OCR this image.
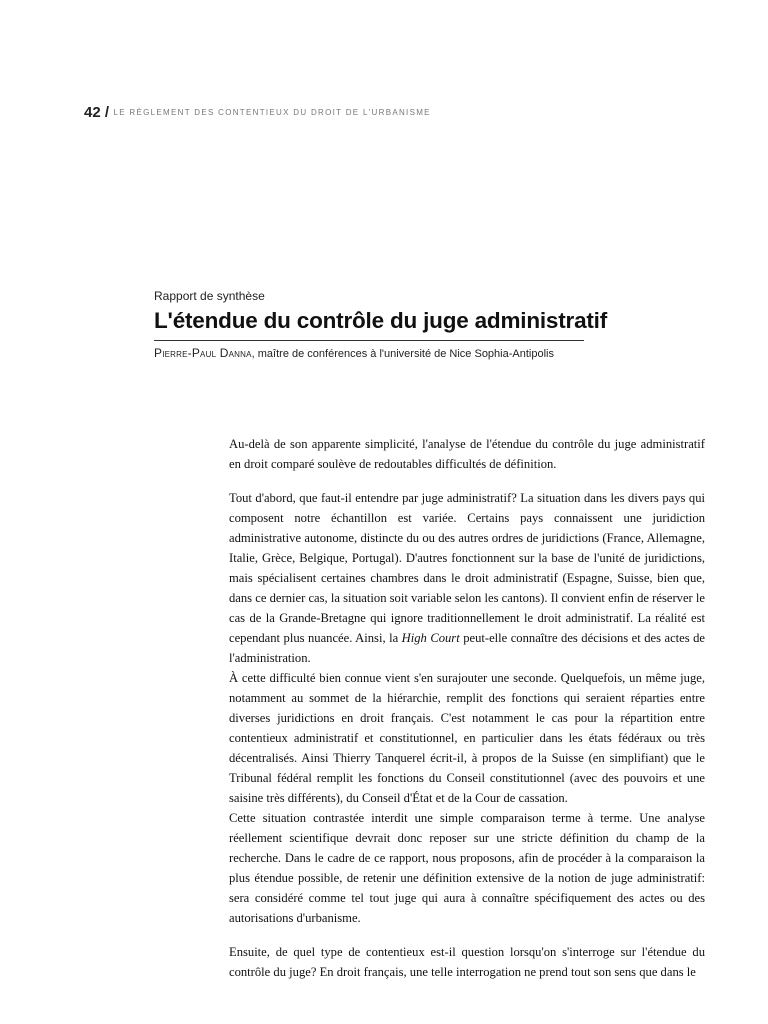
42 / LE RÈGLEMENT DES CONTENTIEUX DU DROIT DE L'URBANISME
Rapport de synthèse
L'étendue du contrôle du juge administratif
Pierre-Paul Danna, maître de conférences à l'université de Nice Sophia-Antipolis

Au-delà de son apparente simplicité, l'analyse de l'étendue du contrôle du juge administratif en droit comparé soulève de redoutables difficultés de définition.

Tout d'abord, que faut-il entendre par juge administratif? La situation dans les divers pays qui composent notre échantillon est variée. Certains pays connaissent une juridiction administrative autonome, distincte du ou des autres ordres de juridictions (France, Allemagne, Italie, Grèce, Belgique, Portugal). D'autres fonctionnent sur la base de l'unité de juridictions, mais spécialisent certaines chambres dans le droit administratif (Espagne, Suisse, bien que, dans ce dernier cas, la situation soit variable selon les cantons). Il convient enfin de réserver le cas de la Grande-Bretagne qui ignore traditionnellement le droit administratif. La réalité est cependant plus nuancée. Ainsi, la High Court peut-elle connaître des décisions et des actes de l'administration.

À cette difficulté bien connue vient s'en surajouter une seconde. Quelquefois, un même juge, notamment au sommet de la hiérarchie, remplit des fonctions qui seraient réparties entre diverses juridictions en droit français. C'est notamment le cas pour la répartition entre contentieux administratif et constitutionnel, en particulier dans les états fédéraux ou très décentralisés. Ainsi Thierry Tanquerel écrit-il, à propos de la Suisse (en simplifiant) que le Tribunal fédéral remplit les fonctions du Conseil constitutionnel (avec des pouvoirs et une saisine très différents), du Conseil d'État et de la Cour de cassation.

Cette situation contrastée interdit une simple comparaison terme à terme. Une analyse réellement scientifique devrait donc reposer sur une stricte définition du champ de la recherche. Dans le cadre de ce rapport, nous proposons, afin de procéder à la comparaison la plus étendue possible, de retenir une définition extensive de la notion de juge administratif: sera considéré comme tel tout juge qui aura à connaître spécifiquement des actes ou des autorisations d'urbanisme.

Ensuite, de quel type de contentieux est-il question lorsqu'on s'interroge sur l'étendue du contrôle du juge? En droit français, une telle interrogation ne prend tout son sens que dans le
